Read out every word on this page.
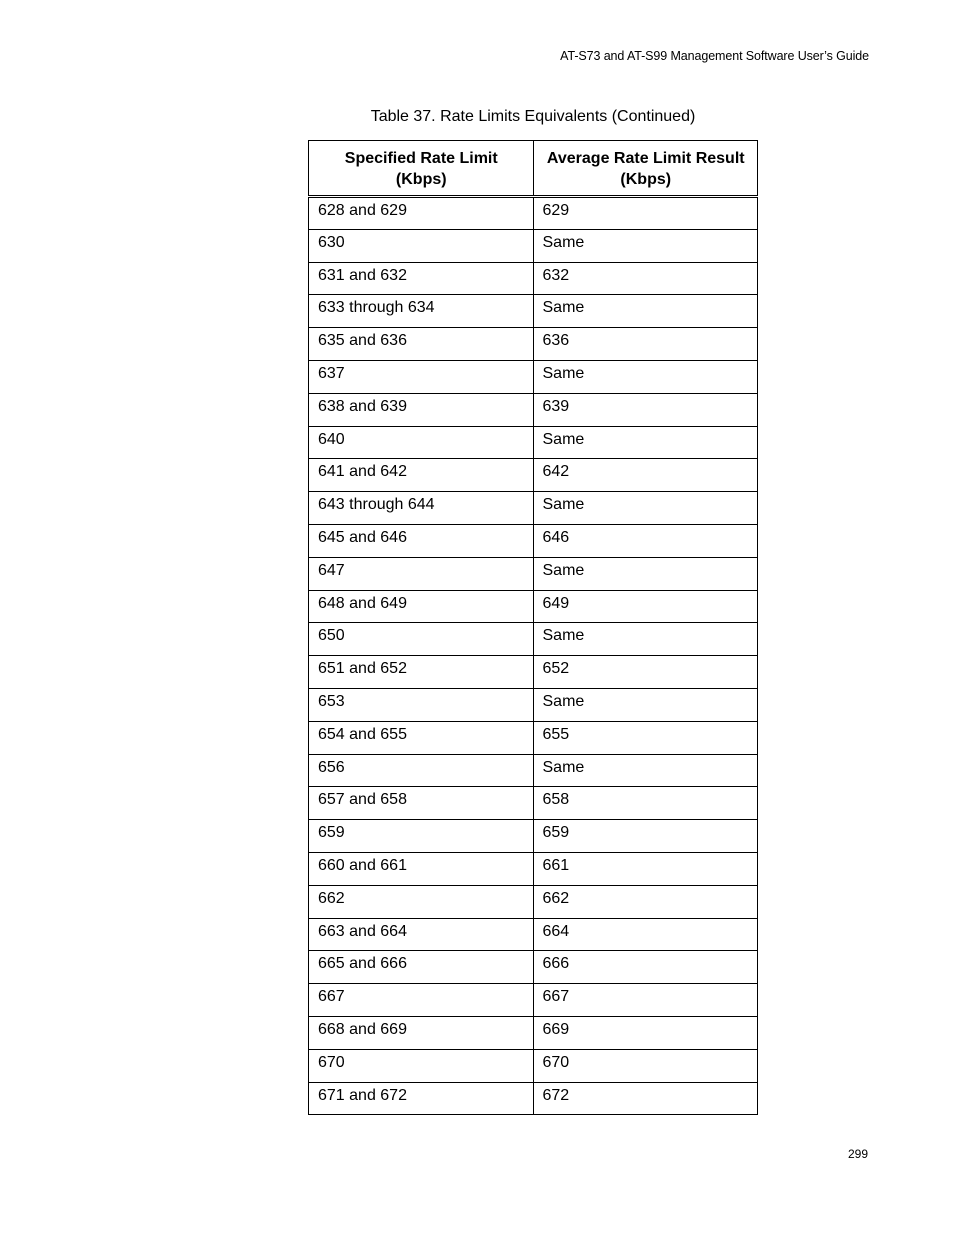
AT-S73 and AT-S99 Management Software User’s Guide
Table 37. Rate Limits Equivalents (Continued)
Specified Rate Limit (Kbps)	Average Rate Limit Result (Kbps)
628 and 629	629
630	Same
631 and 632	632
633 through 634	Same
635 and 636	636
637	Same
638 and 639	639
640	Same
641 and 642	642
643 through 644	Same
645 and 646	646
647	Same
648 and 649	649
650	Same
651 and 652	652
653	Same
654 and 655	655
656	Same
657 and 658	658
659	659
660 and 661	661
662	662
663 and 664	664
665 and 666	666
667	667
668 and 669	669
670	670
671 and 672	672
299
